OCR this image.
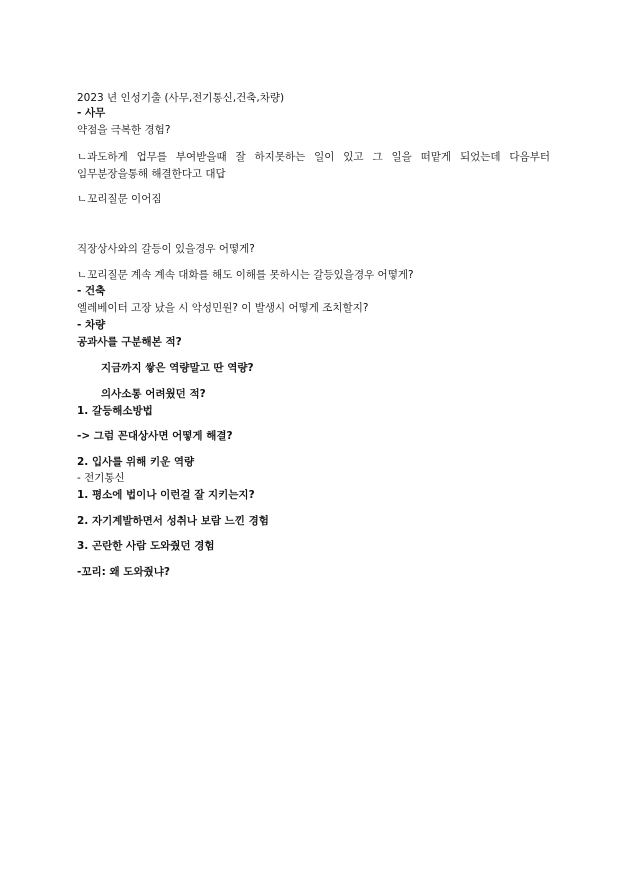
2023 년 인성기출 (사무,전기통신,건축,차량)
- 사무
약점을 극복한 경험?
ㄴ과도하게 업무를 부여받을때 잘 하지못하는 일이 있고 그 일을 떠맡게 되었는데 다음부터
임무분장을통해 해결한다고 대답
ㄴ꼬리질문 이어짐
직장상사와의 갈등이 있을경우 어떻게?
ㄴ꼬리질문 계속 계속 대화를 해도 이해를 못하시는 갈등있을경우 어떻게?
- 건축
엘레베이터 고장 났을 시 악성민원? 이 발생시 어떻게 조치할지?
- 차량
공과사를 구분해본 적?
지금까지 쌓은 역량말고 딴 역량?
의사소통 어려웠던 적?
1. 갈등해소방법
-> 그럼 꼰대상사면 어떻게 해결?
2. 입사를 위해 키운 역량
- 전기통신
1. 평소에 법이나 이런걸 잘 지키는지?
2. 자기계발하면서 성취나 보람 느낀 경험
3. 곤란한 사람 도와줬던 경험
-꼬리: 왜 도와줬냐?
